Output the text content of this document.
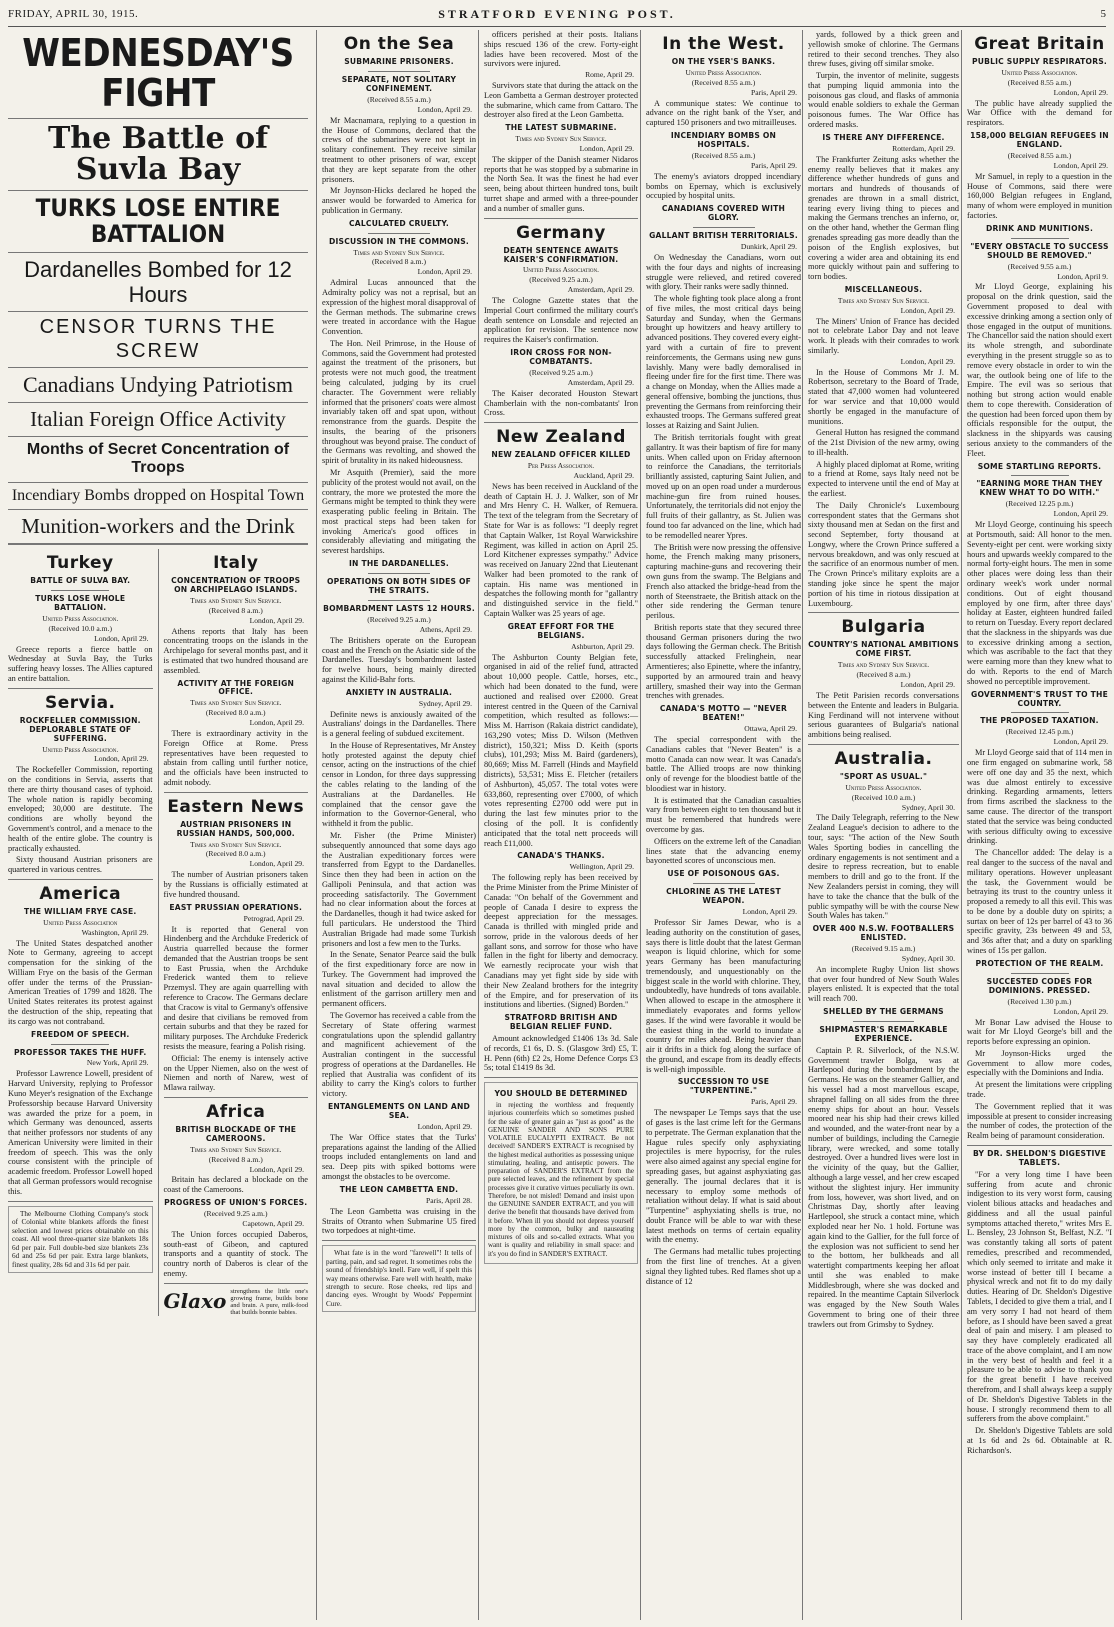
FRIDAY, APRIL 30, 1915.	STRATFORD EVENING POST.	5
WEDNESDAY'S FIGHT
The Battle of Suvla Bay
TURKS LOSE ENTIRE BATTALION
Dardanelles Bombed for 12 Hours
CENSOR TURNS THE SCREW
Canadians Undying Patriotism
Italian Foreign Office Activity
Months of Secret Concentration of Troops
Incendiary Bombs dropped on Hospital Town
Munition-workers and the Drink
Turkey
BATTLE OF SULVA BAY.
TURKS LOSE WHOLE BATTALION.
United Press Association.
(Received 10.0 a.m.)
London, April 29.

Greece reports a fierce battle on Wednesday at Suvla Bay, the Turks suffering heavy losses. The Allies captured an entire battalion.

Servia.
ROCKFELLER COMMISSION. DEPLORABLE STATE OF SUFFERING.
United Press Association.
London, April 29.

The Rockefeller Commission, reporting on the conditions in Servia, asserts that there are thirty thousand cases of typhoid. The whole nation is rapidly becoming enveloped; 30,000 are destitute. The conditions are wholly beyond the Government's control, and a menace to the health of the entire globe. The country is practically exhausted.

Sixty thousand Austrian prisoners are quartered in various centres.

America
THE WILLIAM FRYE CASE.
United Press Association
Washington, April 29.

The United States despatched another Note to Germany, agreeing to accept compensation for the sinking of the William Frye on the basis of the German offer under the terms of the Prussian-American Treaties of 1799 and 1828. The United States reiterates its protest against the destruction of the ship, repeating that its cargo was not contraband.

FREEDOM OF SPEECH.
PROFESSOR TAKES THE HUFF.
New York, April 29.

Professor Lawrence Lowell, president of Harvard University, replying to Professor Kuno Meyer's resignation of the Exchange Professorship because Harvard University was awarded the prize for a poem, in which Germany was denounced, asserts that neither professors nor students of any American University were limited in their freedom of speech. This was the only course consistent with the principle of academic freedom. Professor Lowell hoped that all German professors would recognise this.

The Melbourne Clothing Company's stock of Colonial white blankets affords the finest selection and lowest prices obtainable on this coast. All wool three-quarter size blankets 18s 6d per pair. Full double-bed size blankets 23s 6d and 25s 6d per pair. Extra large blankets, finest quality, 28s 6d and 31s 6d per pair.

Italy
CONCENTRATION OF TROOPS ON ARCHIPELAGO ISLANDS.
Times and Sydney Sun Service.
(Received 8 a.m.)
London, April 29.

Athens reports that Italy has been concentrating troops on the islands in the Archipelago for several months past, and it is estimated that two hundred thousand are assembled.

ACTIVITY AT THE FOREIGN OFFICE.
Times and Sydney Sun Service.
(Received 8.0 a.m.)
London, April 29.

There is extraordinary activity in the Foreign Office at Rome. Press representatives have been requested to abstain from calling until further notice, and the officials have been instructed to admit nobody.

Eastern News
AUSTRIAN PRISONERS IN RUSSIAN HANDS, 500,000.
Times and Sydney Sun Service.
(Received 8.0 a.m.)
London, April 29.

The number of Austrian prisoners taken by the Russians is officially estimated at five hundred thousand.

EAST PRUSSIAN OPERATIONS.
Petrograd, April 29.

It is reported that General von Hindenberg and the Archduke Frederick of Austria quarrelled because the former demanded that the Austrian troops be sent to East Prussia, when the Archduke Frederick wanted them to relieve Przemysl. They are again quarrelling with reference to Cracow. The Germans declare that Cracow is vital to Germany's offensive and desire that civilians be removed from certain suburbs and that they be razed for military purposes. The Archduke Frederick resists the measure, fearing a Polish rising.

Official: The enemy is intensely active on the Upper Niemen, also on the west of Niemen and north of Narew, west of Mlawa railway.

Africa
BRITISH BLOCKADE OF THE CAMEROONS.
Times and Sydney Sun Service.
(Received 8 a.m.)
London, April 29.

Britain has declared a blockade on the coast of the Cameroons.

PROGRESS OF UNION'S FORCES.
(Received 9.25 a.m.)
Capetown, April 29.

The Union forces occupied Daberos, south-east of Gibeon, and captured transports and a quantity of stock. The country north of Daberos is clear of the enemy.

Glaxo strengthens the little one's growing frame, builds bone and brain. A pure, milk-food that builds bonnie babies.
On the Sea
SUBMARINE PRISONERS.
SEPARATE, NOT SOLITARY CONFINEMENT.
(Received 8.55 a.m.)
London, April 29.

Mr Macnamara, replying to a question in the House of Commons, declared that the crews of the submarines were not kept in solitary confinement. They receive similar treatment to other prisoners of war, except that they are kept separate from the other prisoners.

Mr Joynson-Hicks declared he hoped the answer would be forwarded to America for publication in Germany.

CALCULATED CRUELTY.
DISCUSSION IN THE COMMONS.
Times and Sydney Sun Service.
(Received 8 a.m.)
London, April 29.

Admiral Lucas announced that the Admiralty policy was not a reprisal, but an expression of the highest moral disapproval of the German methods. The submarine crews were treated in accordance with the Hague Convention.

The Hon. Neil Primrose, in the House of Commons, said the Government had protested against the treatment of the prisoners, but protests were not much good, the treatment being calculated, judging by its cruel character. The Government were reliably informed that the prisoners' coats were almost invariably taken off and spat upon, without remonstrance from the guards. Despite the insults, the bearing of the prisoners throughout was beyond praise. The conduct of the Germans was revolting, and showed the spirit of brutality in its naked hideousness.

Mr Asquith (Premier), said the more publicity of the protest would not avail, on the contrary, the more we protested the more the Germans might be tempted to think they were exasperating public feeling in Britain. The most practical steps had been taken for invoking America's good offices in considerably alleviating and mitigating the severest hardships.

IN THE DARDANELLES.
OPERATIONS ON BOTH SIDES OF THE STRAITS.
BOMBARDMENT LASTS 12 HOURS.
(Received 9.25 a.m.)
Athens, April 29.

The Britishers operate on the European coast and the French on the Asiatic side of the Dardanelles. Tuesday's bombardment lasted for twelve hours, being mainly directed against the Kilid-Bahr forts.

ANXIETY IN AUSTRALIA.
Sydney, April 29.

Definite news is anxiously awaited of the Australians' doings in the Dardanelles. There is a general feeling of subdued excitement.

In the House of Representatives, Mr Anstey hotly protested against the deputy chief censor, acting on the instructions of the chief censor in London, for three days suppressing the cables relating to the landing of the Australians at the Dardanelles. He complained that the censor gave the information to the Governor-General, who withheld it from the public.

Mr. Fisher (the Prime Minister) subsequently announced that some days ago the Australian expeditionary forces were transferred from Egypt to the Dardanelles. Since then they had been in action on the Gallipoli Peninsula, and that action was proceeding satisfactorily. The Government had no clear information about the forces at the Dardanelles, though it had twice asked for full particulars. He understood the Third Australian Brigade had made some Turkish prisoners and lost a few men to the Turks.

In the Senate, Senator Pearce said the bulk of the first expeditionary force are now in Turkey. The Government had improved the naval situation and decided to allow the enlistment of the garrison artillery men and permanent officers.

The Governor has received a cable from the Secretary of State offering warmest congratulations upon the splendid gallantry and magnificent achievement of the Australian contingent in the successful progress of operations at the Dardanelles. He replied that Australia was confident of its ability to carry the King's colors to further victory.

ENTANGLEMENTS ON LAND AND SEA.
London, April 29.

The War Office states that the Turks' preparations against the landing of the Allied troops included entanglements on land and sea. Deep pits with spiked bottoms were amongst the obstacles to be overcome.

THE LEON CAMBETTA END.
Paris, April 28.

The Leon Gambetta was cruising in the Straits of Otranto when Submarine U5 fired two torpedoes at night-time.

What fate is in the word "farewell"! It tells of parting, pain, and sad regret. It sometimes robs the sound of friendship's knell. Fare well, if spelt this way means otherwise. Fare well with health, make strength to secure. Rose cheeks, red lips and dancing eyes. Wrought by Woods' Peppermint Cure.

officers perished at their posts. Italians ships rescued 136 of the crew. Forty-eight ladies have been recovered. Most of the survivors were injured.

Rome, April 29.

Survivors state that during the attack on the Leon Gambetta a German destroyer protected the submarine, which came from Cattaro. The destroyer also fired at the Leon Gambetta.

THE LATEST SUBMARINE.
Times and Sydney Sun Service.
London, April 29.

The skipper of the Danish steamer Nidaros reports that he was stopped by a submarine in the North Sea. It was the finest he had ever seen, being about thirteen hundred tons, built turret shape and armed with a three-pounder and a number of smaller guns.

Germany
DEATH SENTENCE AWAITS KAISER'S CONFIRMATION.
United Press Association.
(Received 9.25 a.m.)
Amsterdam, April 29.

The Cologne Gazette states that the Imperial Court confirmed the military court's death sentence on Lonsdale and rejected an application for revision. The sentence now requires the Kaiser's confirmation.

IRON CROSS FOR NON-COMBATANTS.
(Received 9.25 a.m.)
Amsterdam, April 29.

The Kaiser decorated Houston Stewart Chamberlain with the non-combatants' Iron Cross.

New Zealand
NEW ZEALAND OFFICER KILLED
Per Press Association.
Auckland, April 29.

News has been received in Auckland of the death of Captain H. J. J. Walker, son of Mr and Mrs Henry C. H. Walker, of Remuera. The text of the telegram from the Secretary of State for War is as follows: "I deeply regret that Captain Walker, 1st Royal Warwickshire Regiment, was killed in action on April 25. Lord Kitchener expresses sympathy." Advice was received on January 22nd that Lieutenant Walker had been promoted to the rank of captain. His name was mentioned in despatches the following month for "gallantry and distinguished service in the field." Captain Walker was 25 years of age.

GREAT EFFORT FOR THE BELGIANS.
Ashburton, April 29.

The Ashburton County Belgian fete, organised in aid of the relief fund, attracted about 10,000 people. Cattle, horses, etc., which had been donated to the fund, were auctioned and realised over £2000. Great interest centred in the Queen of the Carnival competition, which resulted as follows:—Miss M. Harrison (Rakaia district candidate), 163,290 votes; Miss D. Wilson (Methven district), 150,321; Miss D. Keith (sports clubs), 101,293; Miss M. Baird (gardeners), 80,669; Miss M. Farrell (Hinds and Mayfield districts), 53,531; Miss E. Fletcher (retailers of Ashburton), 45,057. The total votes were 633,860, representing over £7000, of which votes representing £2700 odd were put in during the last few minutes prior to the closing of the poll. It is confidently anticipated that the total nett proceeds will reach £11,000.

CANADA'S THANKS.
Wellington, April 29.

The following reply has been received by the Prime Minister from the Prime Minister of Canada: "On behalf of the Government and people of Canada I desire to express the deepest appreciation for the messages. Canada is thrilled with mingled pride and sorrow, pride in the valorous deeds of her gallant sons, and sorrow for those who have fallen in the fight for liberty and democracy. We earnestly reciprocate your wish that Canadians may yet fight side by side with their New Zealand brothers for the integrity of the Empire, and for preservation of its institutions and liberties. (Signed) Borden."

STRATFORD BRITISH AND BELGIAN RELIEF FUND.

Amount acknowledged £1406 13s 3d. Sale of records, £1 6s, D. S. (Glasgow 3rd) £5, T. H. Penn (6th) £2 2s, Home Defence Corps £3 5s; total £1419 8s 3d.

YOU SHOULD BE DETERMINED

in rejecting the worthless and frequently injurious counterfeits which so sometimes pushed for the sake of greater gain as "just as good" as the GENUINE SANDER AND SONS PURE VOLATILE EUCALYPTI EXTRACT. Be not deceived! SANDER'S EXTRACT is recognised by the highest medical authorities as possessing unique stimulating, healing, and antiseptic powers. The preparation of SANDER'S EXTRACT from the pure selected leaves, and the refinement by special processes give it curative virtues peculiarly its own. Therefore, be not misled! Demand and insist upon the GENUINE SANDER EXTRACT, and you will derive the benefit that thousands have derived from it before. When ill you should not depress yourself more by the common, bulky and nauseating mixtures of oils and so-called extracts. What you want is quality and reliability in small space: and it's you do find in SANDER'S EXTRACT.

In the West.
ON THE YSER'S BANKS.
United Press Association.
(Received 8.55 a.m.)
Paris, April 29.

A communique states: We continue to advance on the right bank of the Yser, and captured 150 prisoners and two mitrailleuses.

INCENDIARY BOMBS ON HOSPITALS.
(Received 8.55 a.m.)
Paris, April 29.

The enemy's aviators dropped incendiary bombs on Epernay, which is exclusively occupied by hospital units.

CANADIANS COVERED WITH GLORY.
GALLANT BRITISH TERRITORIALS.
Dunkirk, April 29.

On Wednesday the Canadians, worn out with the four days and nights of increasing struggle were relieved, and retired covered with glory. Their ranks were sadly thinned.

The whole fighting took place along a front of five miles, the most critical days being Saturday and Sunday, when the Germans brought up howitzers and heavy artillery to advanced positions. They covered every eight-yard with a curtain of fire to prevent reinforcements, the Germans using new guns lavishly. Many were badly demoralised in fleeing under fire for the first time. There was a change on Monday, when the Allies made a general offensive, bombing the junctions, thus preventing the Germans from reinforcing their exhausted troops. The Germans suffered great losses at Raizing and Saint Julien.

The British territorials fought with great gallantry. It was their baptism of fire for many units. When called upon on Friday afternoon to reinforce the Canadians, the territorials brilliantly assisted, capturing Saint Julien, and moved up on an open road under a murderous machine-gun fire from ruined houses. Unfortunately, the territorials did not enjoy the full fruits of their gallantry, as St. Julien was found too far advanced on the line, which had to be remodelled nearer Ypres.

The British were now pressing the offensive home, the French making many prisoners, capturing machine-guns and recovering their own guns from the swamp. The Belgians and French also attacked the bridge-head from the north of Steenstraete, the British attack on the other side rendering the German tenure perilous.

British reports state that they secured three thousand German prisoners during the two days following the German check. The British successfully attacked Frelinghein, near Armentieres; also Epinette, where the infantry, supported by an armoured train and heavy artillery, smashed their way into the German trenches with grenades.

CANADA'S MOTTO — "NEVER BEATEN!"
Ottawa, April 29.

The special correspondent with the Canadians cables that "Never Beaten" is a motto Canada can now wear. It was Canada's battle. The Allied troops are now thinking only of revenge for the bloodiest battle of the bloodiest war in history.

It is estimated that the Canadian casualties vary from between eight to ten thousand but it must be remembered that hundreds were overcome by gas.

Officers on the extreme left of the Canadian lines state that the advancing enemy bayonetted scores of unconscious men.

USE OF POISONOUS GAS.
CHLORINE AS THE LATEST WEAPON.
London, April 29.

Professor Sir James Dewar, who is a leading authority on the constitution of gases, says there is little doubt that the latest German weapon is liquid chlorine, which for some years Germany has been manufacturing tremendously, and unquestionably on the biggest scale in the world with chlorine. They, undoubtedly, have hundreds of tons available. When allowed to escape in the atmosphere it immediately evaporates and forms yellow gases. If the wind were favorable it would be the easiest thing in the world to inundate a country for miles ahead. Being heavier than air it drifts in a thick fog along the surface of the ground, and escape from its deadly effects is well-nigh impossible.

SUCCESSION TO USE "TURPENTINE."
Paris, April 29.

The newspaper Le Temps says that the use of gases is the last crime left for the Germans to perpetrate. The German explanation that the Hague rules specify only asphyxiating projectiles is mere hypocrisy, for the rules were also aimed against any special engine for spreading gases, but against asphyxiating gas generally. The journal declares that it is necessary to employ some methods of retaliation without delay. If what is said about "Turpentine" asphyxiating shells is true, no doubt France will be able to war with these latest methods on terms of certain equality with the enemy.

The Germans had metallic tubes projecting from the first line of trenches. At a given signal they lighted tubes. Red flames shot up a distance of 12

yards, followed by a thick green and yellowish smoke of chlorine. The Germans retired to their second trenches. They also threw fuses, giving off similar smoke.

Turpin, the inventor of melinite, suggests that pumping liquid ammonia into the poisonous gas cloud, and flasks of ammonia would enable soldiers to exhale the German poisonous fumes. The War Office has ordered masks.

IS THERE ANY DIFFERENCE.
Rotterdam, April 29.

The Frankfurter Zeitung asks whether the enemy really believes that it makes any difference whether hundreds of guns and mortars and hundreds of thousands of grenades are thrown in a small district, tearing every living thing to pieces and making the Germans trenches an inferno, or, on the other hand, whether the German fling grenades spreading gas more deadly than the poison of the English explosives, but covering a wider area and obtaining its end more quickly without pain and suffering to torn bodies.

MISCELLANEOUS.
Times and Sydney Sun Service.
London, April 29.

The Miners' Union of France has decided not to celebrate Labor Day and not leave work. It pleads with their comrades to work similarly.

London, April 29.

In the House of Commons Mr J. M. Robertson, secretary to the Board of Trade, stated that 47,000 women had volunteered for war service and that 10,000 would shortly be engaged in the manufacture of munitions.

General Hutton has resigned the command of the 21st Division of the new army, owing to ill-health.

A highly placed diplomat at Rome, writing to a friend at Rome, says Italy need not be expected to intervene until the end of May at the earliest.

The Daily Chronicle's Luxembourg correspondent states that the Germans shot sixty thousand men at Sedan on the first and second September, forty thousand at Longwy, where the Crown Prince suffered a nervous breakdown, and was only rescued at the sacrifice of an enormous number of men. The Crown Prince's military exploits are a standing joke since he spent the major portion of his time in riotous dissipation at Luxembourg.

Bulgaria
COUNTRY'S NATIONAL AMBITIONS COME FIRST.
Times and Sydney Sun Service.
(Received 8 a.m.)
London, April 29.

The Petit Parisien records conversations between the Entente and leaders in Bulgaria. King Ferdinand will not intervene without serious guarantees of Bulgaria's national ambitions being realised.

Australia.
"SPORT AS USUAL."
United Press Association.
(Received 10.0 a.m.)
Sydney, April 30.

The Daily Telegraph, referring to the New Zealand League's decision to adhere to the tour, says: "The action of the New South Wales Sporting bodies in cancelling the ordinary engagements is not sentiment and a desire to repress recreation, but to enable members to drill and go to the front. If the New Zealanders persist in coming, they will have to take the chance that the bulk of the public sympathy will be with the course New South Wales has taken."

OVER 400 N.S.W. FOOTBALLERS ENLISTED.
(Received 9.15 a.m.)
Sydney, April 30.

An incomplete Rugby Union list shows that over four hundred of New South Wales players enlisted. It is expected that the total will reach 700.

SHELLED BY THE GERMANS
SHIPMASTER'S REMARKABLE EXPERIENCE.

Captain P. R. Silverlock, of the N.S.W. Government trawler Bolga, was at Hartlepool during the bombardment by the Germans. He was on the steamer Gallier, and his vessel had a most marvellous escape, shrapnel falling on all sides from the three enemy ships for about an hour. Vessels moored near his ship had their crews killed and wounded, and the water-front near by a number of buildings, including the Carnegie library, were wrecked, and some totally destroyed. Over a hundred lives were lost in the vicinity of the quay, but the Gallier, although a large vessel, and her crew escaped without the slightest injury. Her immunity from loss, however, was short lived, and on Christmas Day, shortly after leaving Hartlepool, she struck a contact mine, which exploded near her No. 1 hold. Fortune was again kind to the Gallier, for the full force of the explosion was not sufficient to send her to the bottom, her bulkheads and all watertight compartments keeping her afloat until she was enabled to make Middlesbrough, where she was docked and repaired. In the meantime Captain Silverlock was engaged by the New South Wales Government to bring one of their three trawlers out from Grimsby to Sydney.

Great Britain
PUBLIC SUPPLY RESPIRATORS.
United Press Association.
(Received 8.55 a.m.)
London, April 29.

The public have already supplied the War Office with the demand for respirators.

158,000 BELGIAN REFUGEES IN ENGLAND.
(Received 8.55 a.m.)
London, April 29.

Mr Samuel, in reply to a question in the House of Commons, said there were 160,000 Belgian refugees in England, many of whom were employed in munition factories.

DRINK AND MUNITIONS.
"EVERY OBSTACLE TO SUCCESS SHOULD BE REMOVED."
(Received 9.55 a.m.)
London, April 9.

Mr Lloyd George, explaining his proposal on the drink question, said the Government proposed to deal with excessive drinking among a section only of those engaged in the output of munitions. The Chancellor said the nation should exert its whole strength, and subordinate everything in the present struggle so as to remove every obstacle in order to win the war, the outlook being one of life to the Empire. The evil was so serious that nothing but strong action would enable them to cope therewith. Consideration of the question had been forced upon them by officials responsible for the output, the slackness in the shipyards was causing serious anxiety to the commanders of the Fleet.

SOME STARTLING REPORTS.
"EARNING MORE THAN THEY KNEW WHAT TO DO WITH."
(Received 12.25 p.m.)
London, April 29.

Mr Lloyd George, continuing his speech at Portsmouth, said: All honor to the men. Seventy-eight per cent. were working sixty hours and upwards weekly compared to the normal forty-eight hours. The men in some other places were doing less than their ordinary week's work under normal conditions. Out of eight thousand employed by one firm, after three days' holiday at Easter, eighteen hundred failed to return on Tuesday. Every report declared that the slackness in the shipyards was due to excessive drinking among a section, which was ascribable to the fact that they were earning more than they knew what to do with. Reports to the end of March showed no perceptible improvement.

GOVERNMENT'S TRUST TO THE COUNTRY.
THE PROPOSED TAXATION.
(Received 12.45 p.m.)
London, April 29.

Mr Lloyd George said that of 114 men in one firm engaged on submarine work, 58 were off one day and 35 the next, which was due almost entirely to excessive drinking. Regarding armaments, letters from firms ascribed the slackness to the same cause. The director of the transport stated that the service was being conducted with serious difficulty owing to excessive drinking.

The Chancellor added: The delay is a real danger to the success of the naval and military operations. However unpleasant the task, the Government would be betraying its trust to the country unless it proposed a remedy to all this evil. This was to be done by a double duty on spirits; a surtax on beer of 12s per barrel of 43 to 36 specific gravity, 23s between 49 and 53, and 36s after that; and a duty on sparkling wines of 15s per gallon.

PROTECTION OF THE REALM.
SUCCESTED CODES FOR DOMINIONS. PRESSED.
(Received 1.30 p.m.)
London, April 29.

Mr Bonar Law advised the House to wait for Mr Lloyd George's bill and the reports before expressing an opinion.

Mr Joynson-Hicks urged the Government to allow more codes, especially with the Dominions and India.

At present the limitations were crippling trade.

The Government replied that it was impossible at present to consider increasing the number of codes, the protection of the Realm being of paramount consideration.

BY DR. SHELDON'S DIGESTIVE TABLETS.

"For a very long time I have been suffering from acute and chronic indigestion to its very worst form, causing violent bilious attacks and headaches and giddiness and all the usual painful symptoms attached thereto," writes Mrs E. L. Bensley, 23 Johnson St, Belfast, N.Z. "I was constantly taking all sorts of patent remedies, prescribed and recommended, which only seemed to irritate and make it worse instead of better till I became a physical wreck and not fit to do my daily duties. Hearing of Dr. Sheldon's Digestive Tablets, I decided to give them a trial, and I am very sorry I had not heard of them before, as I should have been saved a great deal of pain and misery. I am pleased to say they have completely eradicated all trace of the above complaint, and I am now in the very best of health and feel it a pleasure to be able to advise to thank you for the great benefit I have received therefrom, and I shall always keep a supply of Dr. Sheldon's Digestive Tablets in the house. I strongly recommend them to all sufferers from the above complaint."

Dr. Sheldon's Digestive Tablets are sold at 1s 6d and 2s 6d. Obtainable at R. Richardson's.
